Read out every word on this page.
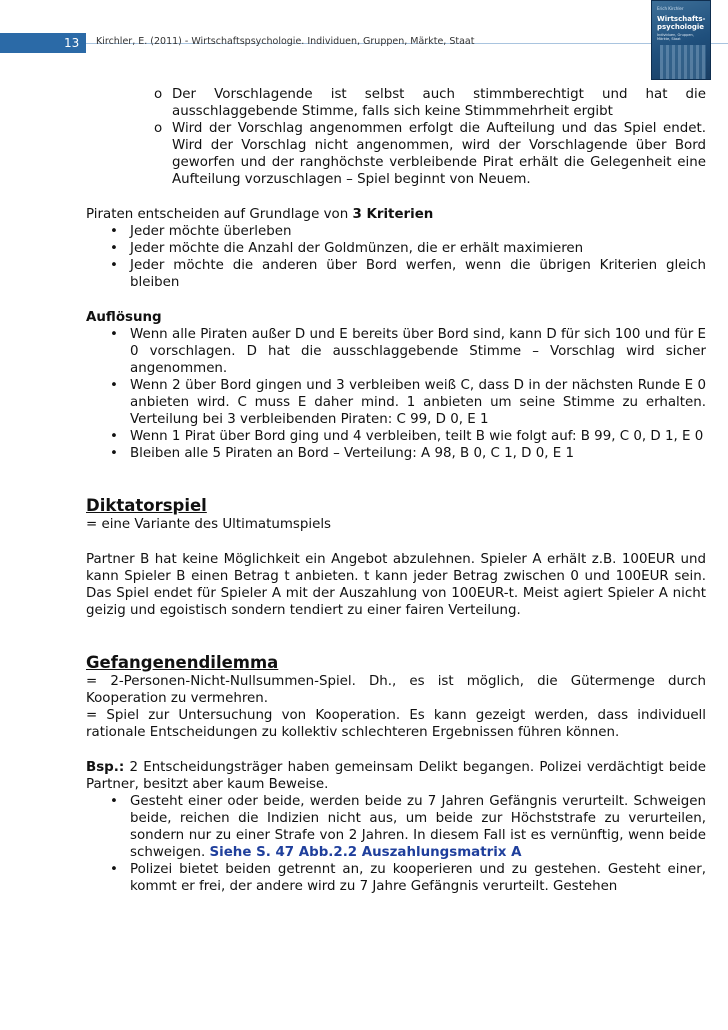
13	Kirchler, E. (2011) - Wirtschaftspsychologie. Individuen, Gruppen, Märkte, Staat
Erich Kirchler
Wirtschafts-
psychologie
Individuen, Gruppen, Märkte, Staat
o Der Vorschlagende ist selbst auch stimmberechtigt und hat die ausschlaggebende Stimme, falls sich keine Stimmmehrheit ergibt
o Wird der Vorschlag angenommen erfolgt die Aufteilung und das Spiel endet. Wird der Vorschlag nicht angenommen, wird der Vorschlagende über Bord geworfen und der ranghöchste verbleibende Pirat erhält die Gelegenheit eine Aufteilung vorzuschlagen – Spiel beginnt von Neuem.

Piraten entscheiden auf Grundlage von 3 Kriterien

• Jeder möchte überleben
• Jeder möchte die Anzahl der Goldmünzen, die er erhält maximieren
• Jeder möchte die anderen über Bord werfen, wenn die übrigen Kriterien gleich bleiben

Auflösung

• Wenn alle Piraten außer D und E bereits über Bord sind, kann D für sich 100 und für E 0 vorschlagen. D hat die ausschlaggebende Stimme – Vorschlag wird sicher angenommen.
• Wenn 2 über Bord gingen und 3 verbleiben weiß C, dass D in der nächsten Runde E 0 anbieten wird. C muss E daher mind. 1 anbieten um seine Stimme zu erhalten. Verteilung bei 3 verbleibenden Piraten: C 99, D 0, E 1
• Wenn 1 Pirat über Bord ging und 4 verbleiben, teilt B wie folgt auf: B 99, C 0, D 1, E 0
• Bleiben alle 5 Piraten an Bord – Verteilung: A 98, B 0, C 1, D 0, E 1

Diktatorspiel

= eine Variante des Ultimatumspiels

Partner B hat keine Möglichkeit ein Angebot abzulehnen. Spieler A erhält z.B. 100EUR und kann Spieler B einen Betrag t anbieten. t kann jeder Betrag zwischen 0 und 100EUR sein. Das Spiel endet für Spieler A mit der Auszahlung von 100EUR-t. Meist agiert Spieler A nicht geizig und egoistisch sondern tendiert zu einer fairen Verteilung.

Gefangenendilemma

= 2-Personen-Nicht-Nullsummen-Spiel. Dh., es ist möglich, die Gütermenge durch Kooperation zu vermehren.

= Spiel zur Untersuchung von Kooperation. Es kann gezeigt werden, dass individuell rationale Entscheidungen zu kollektiv schlechteren Ergebnissen führen können.

Bsp.: 2 Entscheidungsträger haben gemeinsam Delikt begangen. Polizei verdächtigt beide Partner, besitzt aber kaum Beweise.

• Gesteht einer oder beide, werden beide zu 7 Jahren Gefängnis verurteilt. Schweigen beide, reichen die Indizien nicht aus, um beide zur Höchststrafe zu verurteilen, sondern nur zu einer Strafe von 2 Jahren. In diesem Fall ist es vernünftig, wenn beide schweigen. Siehe S. 47 Abb.2.2 Auszahlungsmatrix A
• Polizei bietet beiden getrennt an, zu kooperieren und zu gestehen. Gesteht einer, kommt er frei, der andere wird zu 7 Jahre Gefängnis verurteilt. Gestehen
